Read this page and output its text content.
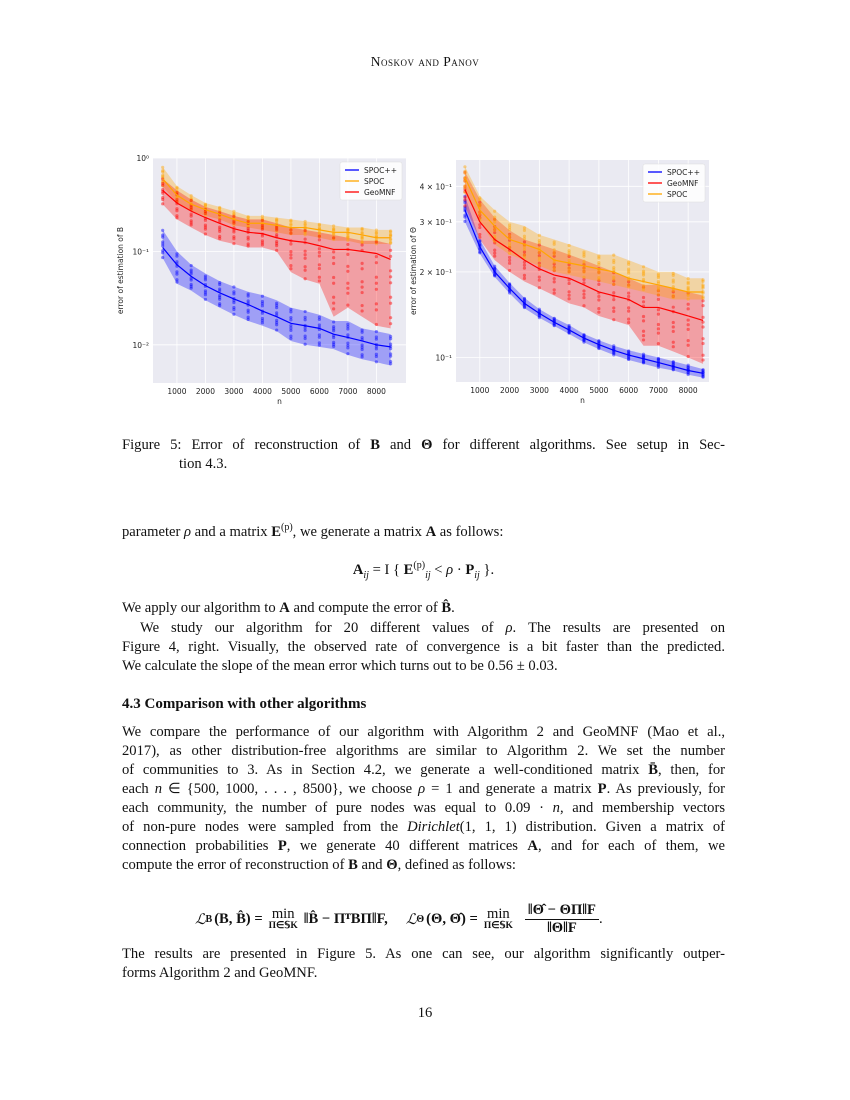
Noskov and Panov
1000 2000 3000 4000 5000 6000 7000 8000
10⁰
10⁻¹
10⁻²
n
error of estimation of B
SPOC++
SPOC
GeoMNF
1000 2000 3000 4000 5000 6000 7000 8000
4 × 10⁻¹
3 × 10⁻¹
2 × 10⁻¹
10⁻¹
n
error of estimation of Θ
SPOC++
GeoMNF
SPOC
Figure 5: Error of reconstruction of B and Θ for different algorithms. See setup in Sec-
tion 4.3.
parameter ρ and a matrix $E^{(p)}$, we generate a matrix A as follows:
$A_{ij} = I$ { $E^{(p)}_{ij} < \rho \cdot P_{ij}$ }.
We apply our algorithm to A and compute the error of B̂.
We study our algorithm for 20 different values of ρ. The results are presented on
Figure 4, right. Visually, the observed rate of convergence is a bit faster than the predicted.
We calculate the slope of the mean error which turns out to be 0.56 ± 0.03.
4.3 Comparison with other algorithms
We compare the performance of our algorithm with Algorithm 2 and GeoMNF (Mao et al.,
2017), as other distribution-free algorithms are similar to Algorithm 2. We set the number
of communities to 3. As in Section 4.2, we generate a well-conditioned matrix B̄, then, for
each n ∈ {500, 1000, . . . , 8500}, we choose ρ = 1 and generate a matrix P. As previously, for
each community, the number of pure nodes was equal to 0.09 · n, and membership vectors
of non-pure nodes were sampled from the Dirichlet(1, 1, 1) distribution. Given a matrix of
connection probabilities P, we generate 40 different matrices A, and for each of them, we
compute the error of reconstruction of B and Θ, defined as follows:
ℒ B (B, B̂) = min
Π∈𝕊K ‖B̂ − ΠᵀBΠ‖F, ℒ Θ (Θ, Θ̂) = min
Π∈𝕊K $\frac{‖\Thetâ - \Theta\Pi‖F}{‖\Theta‖F}$ .
The results are presented in Figure 5. As one can see, our algorithm significantly outper-
forms Algorithm 2 and GeoMNF.
16
